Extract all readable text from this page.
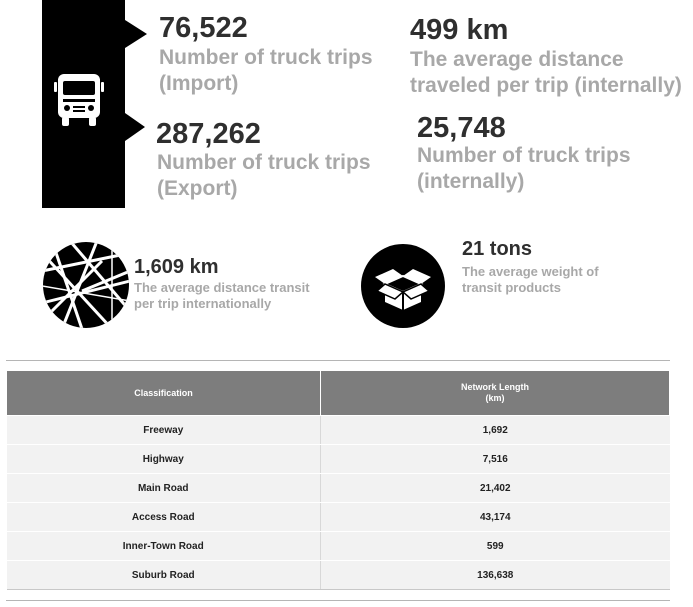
76,522
Number of truck trips
(Import)
287,262
Number of truck trips
(Export)
499 km
The average distance
traveled per trip (internally)
25,748
Number of truck trips
(internally)
1,609 km
The average distance transit
per trip internationally
21 tons
The average weight of
transit products
Classification	Network Length
(km)

Freeway	1,692
Highway	7,516
Main Road	21,402
Access Road	43,174
Inner-Town Road	599
Suburb Road	136,638
